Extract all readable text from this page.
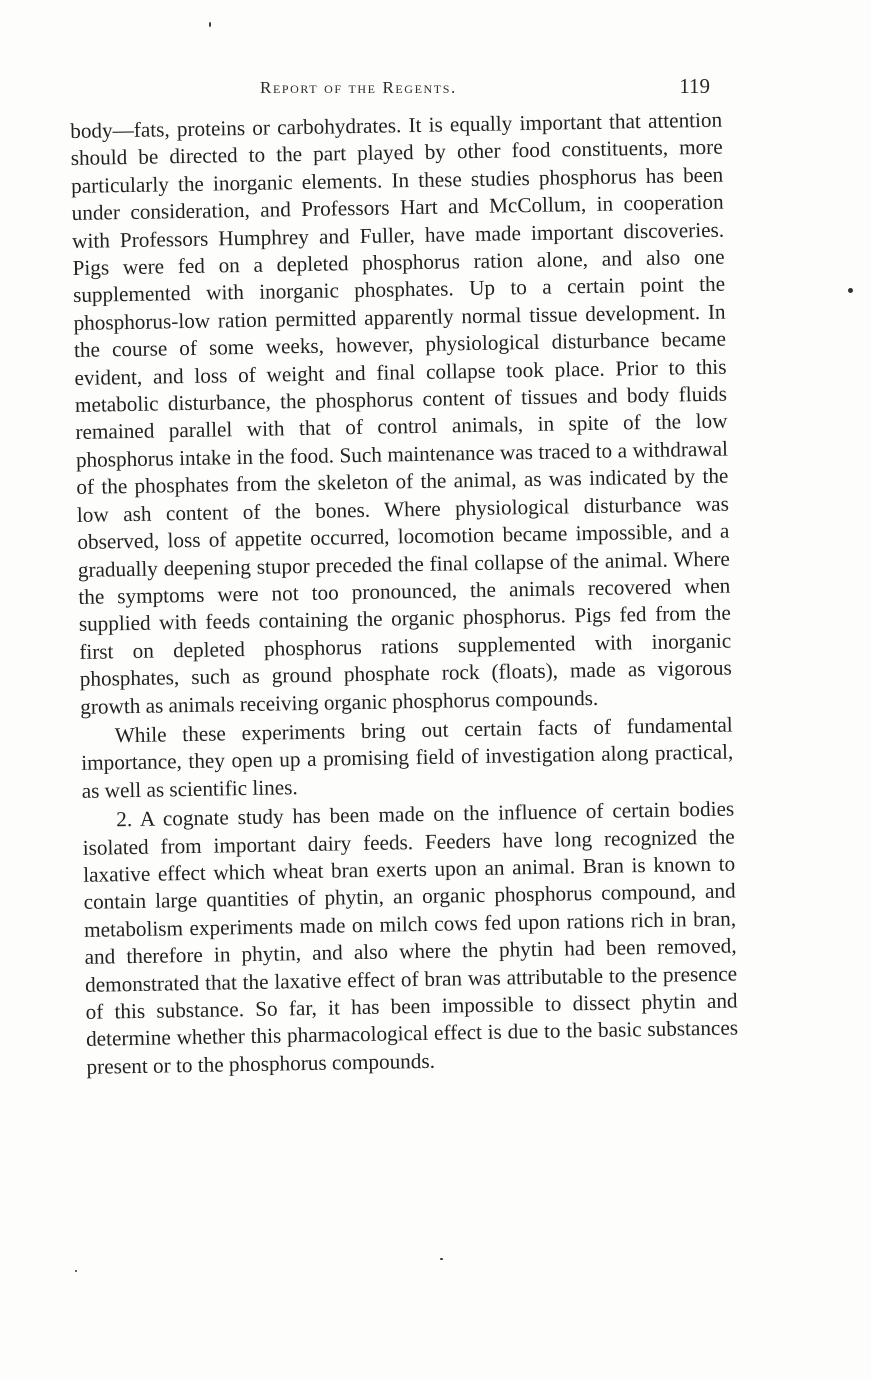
Report of the Regents.	119

body—fats, proteins or carbohydrates. It is equally important that attention should be directed to the part played by other food constituents, more particularly the inorganic elements. In these studies phosphorus has been under consideration, and Professors Hart and McCollum, in cooperation with Professors Humphrey and Fuller, have made important discoveries. Pigs were fed on a depleted phosphorus ration alone, and also one supplemented with inorganic phosphates. Up to a certain point the phosphorus-low ration permitted apparently normal tissue development. In the course of some weeks, however, physiological disturbance became evident, and loss of weight and final collapse took place. Prior to this metabolic disturbance, the phosphorus content of tissues and body fluids remained parallel with that of control animals, in spite of the low phosphorus intake in the food. Such maintenance was traced to a withdrawal of the phosphates from the skeleton of the animal, as was indicated by the low ash content of the bones. Where physiological disturbance was observed, loss of appetite occurred, locomotion became impossible, and a gradually deepening stupor preceded the final collapse of the animal. Where the symptoms were not too pronounced, the animals recovered when supplied with feeds containing the organic phosphorus. Pigs fed from the first on depleted phosphorus rations supplemented with inorganic phosphates, such as ground phosphate rock (floats), made as vigorous growth as animals receiving organic phosphorus compounds.

While these experiments bring out certain facts of fundamental importance, they open up a promising field of investigation along practical, as well as scientific lines.

2. A cognate study has been made on the influence of certain bodies isolated from important dairy feeds. Feeders have long recognized the laxative effect which wheat bran exerts upon an animal. Bran is known to contain large quantities of phytin, an organic phosphorus compound, and metabolism experiments made on milch cows fed upon rations rich in bran, and therefore in phytin, and also where the phytin had been removed, demonstrated that the laxative effect of bran was attributable to the presence of this substance. So far, it has been impossible to dissect phytin and determine whether this pharmacological effect is due to the basic substances present or to the phosphorus compounds.
